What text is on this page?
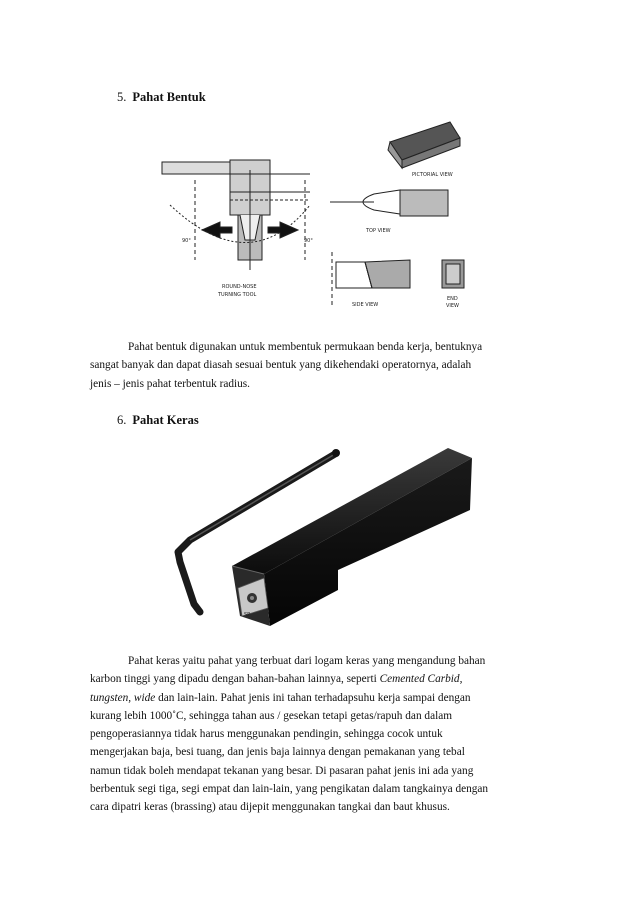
5. Pahat Bentuk
90°	90°
ROUND-NOSE
TURNING TOOL
PICTORIAL VIEW
TOP VIEW
SIDE VIEW
END
VIEW
Pahat bentuk digunakan untuk membentuk permukaan benda kerja, bentuknya
sangat banyak dan dapat diasah sesuai bentuk yang dikehendaki operatornya, adalah
jenis – jenis pahat terbentuk radius.
6. Pahat Keras
SP
Pahat keras yaitu pahat yang terbuat dari logam keras yang mengandung bahan
karbon tinggi yang dipadu dengan bahan-bahan lainnya, seperti Cemented Carbid,
tungsten, wide dan lain-lain. Pahat jenis ini tahan terhadapsuhu kerja sampai dengan
kurang lebih 1000˚C, sehingga tahan aus / gesekan tetapi getas/rapuh dan dalam
pengoperasiannya tidak harus menggunakan pendingin, sehingga cocok untuk
mengerjakan baja, besi tuang, dan jenis baja lainnya dengan pemakanan yang tebal
namun tidak boleh mendapat tekanan yang besar. Di pasaran pahat jenis ini ada yang
berbentuk segi tiga, segi empat dan lain-lain, yang pengikatan dalam tangkainya dengan
cara dipatri keras (brassing) atau dijepit menggunakan tangkai dan baut khusus.
